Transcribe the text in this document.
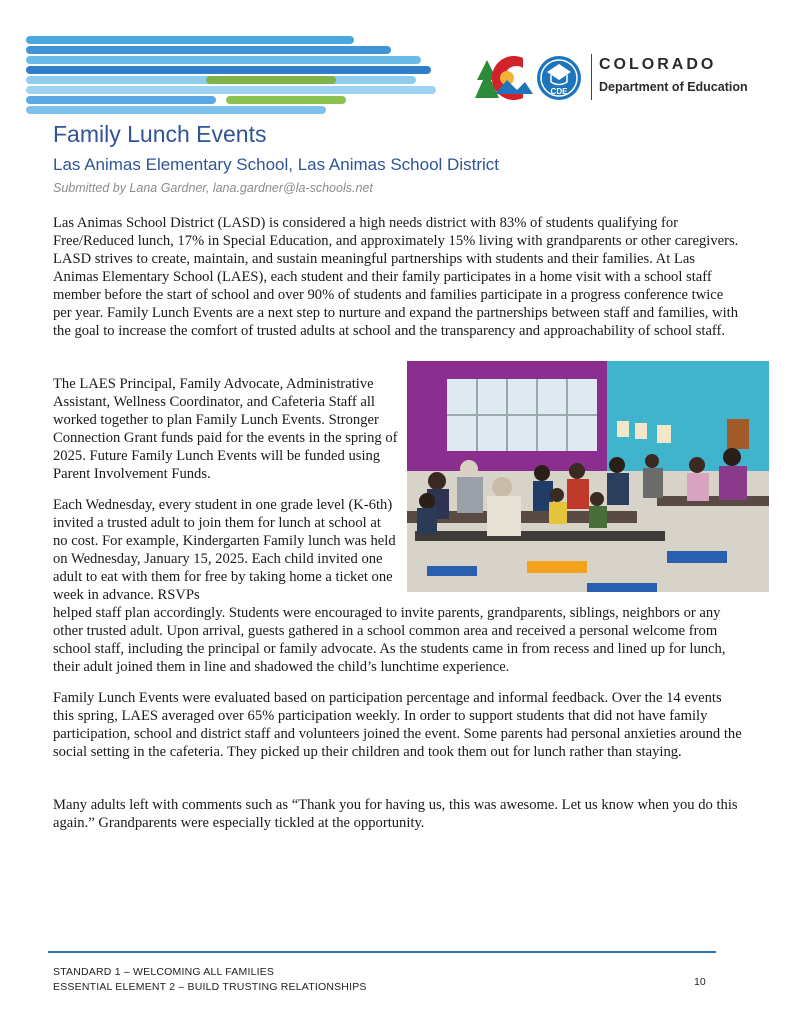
CDE
COLORADO
Department of Education
Family Lunch Events
Las Animas Elementary School, Las Animas School District
Submitted by Lana Gardner, lana.gardner@la-schools.net

Las Animas School District (LASD) is considered a high needs district with 83% of students qualifying for Free/Reduced lunch, 17% in Special Education, and approximately 15% living with grandparents or other caregivers. LASD strives to create, maintain, and sustain meaningful partnerships with students and their families. At Las Animas Elementary School (LAES), each student and their family participates in a home visit with a school staff member before the start of school and over 90% of students and families participate in a progress conference twice per year. Family Lunch Events are a next step to nurture and expand the partnerships between staff and families, with the goal to increase the comfort of trusted adults at school and the transparency and approachability of school staff.

The LAES Principal, Family Advocate, Administrative Assistant, Wellness Coordinator, and Cafeteria Staff all worked together to plan Family Lunch Events. Stronger Connection Grant funds paid for the events in the spring of 2025. Future Family Lunch Events will be funded using Parent Involvement Funds.

Each Wednesday, every student in one grade level (K-6th) invited a trusted adult to join them for lunch at school at no cost. For example, Kindergarten Family lunch was held on Wednesday, January 15, 2025. Each child invited one adult to eat with them for free by taking home a ticket one week in advance. RSVPs

helped staff plan accordingly. Students were encouraged to invite parents, grandparents, siblings, neighbors or any other trusted adult. Upon arrival, guests gathered in a school common area and received a personal welcome from school staff, including the principal or family advocate. As the students came in from recess and lined up for lunch, their adult joined them in line and shadowed the child’s lunchtime experience.

Family Lunch Events were evaluated based on participation percentage and informal feedback. Over the 14 events this spring, LAES averaged over 65% participation weekly. In order to support students that did not have family participation, school and district staff and volunteers joined the event. Some parents had personal anxieties around the social setting in the cafeteria. They picked up their children and took them out for lunch rather than staying.

Many adults left with comments such as “Thank you for having us, this was awesome. Let us know when you do this again.” Grandparents were especially tickled at the opportunity.

STANDARD 1 – WELCOMING ALL FAMILIES
ESSENTIAL ELEMENT 2 – BUILD TRUSTING RELATIONSHIPS	10
